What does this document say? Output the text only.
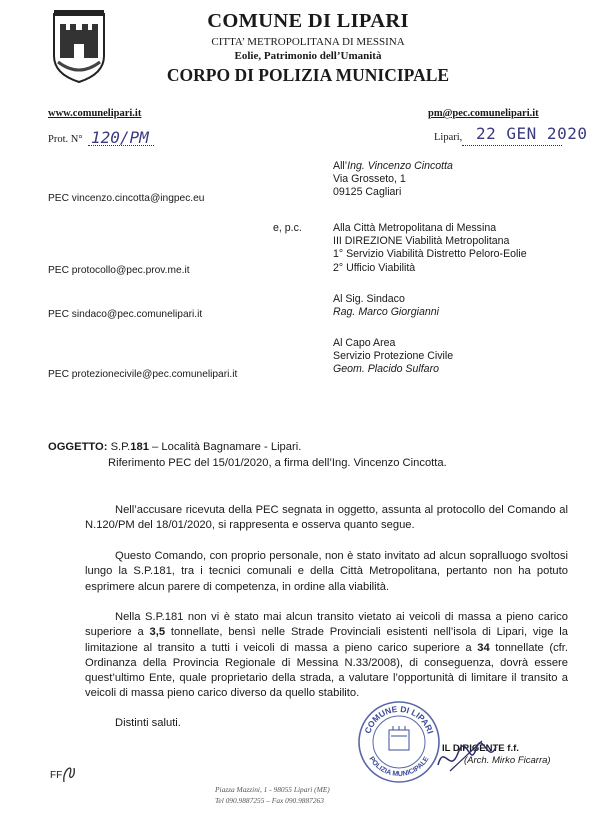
COMUNE DI LIPARI
CITTA’ METROPOLITANA DI MESSINA
Eolie, Patrimonio dell’Umanità
CORPO DI POLIZIA MUNICIPALE
www.comunelipari.it	pm@pec.comunelipari.it
Prot. N° 120/PM	Lipari, 22 GEN 2020
All’Ing. Vincenzo Cincotta
Via Grosseto, 1
09125 Cagliari
PEC vincenzo.cincotta@ingpec.eu
e, p.c.	Alla Città Metropolitana di Messina
III DIREZIONE Viabilità Metropolitana
1° Servizio Viabilità Distretto Peloro-Eolie
2° Ufficio Viabilità
PEC protocollo@pec.prov.me.it
Al Sig. Sindaco
Rag. Marco Giorgianni
PEC sindaco@pec.comunelipari.it
Al Capo Area
Servizio Protezione Civile
Geom. Placido Sulfaro
PEC protezionecivile@pec.comunelipari.it
OGGETTO: S.P.181 – Località Bagnamare - Lipari.
Riferimento PEC del 15/01/2020, a firma dell’Ing. Vincenzo Cincotta.

Nell’accusare ricevuta della PEC segnata in oggetto, assunta al protocollo del Comando al N.120/PM del 18/01/2020, si rappresenta e osserva quanto segue.

Questo Comando, con proprio personale, non è stato invitato ad alcun sopralluogo svoltosi lungo la S.P.181, tra i tecnici comunali e della Città Metropolitana, pertanto non ha potuto esprimere alcun parere di competenza, in ordine alla viabilità.

Nella S.P.181 non vi è stato mai alcun transito vietato ai veicoli di massa a pieno carico superiore a 3,5 tonnellate, bensì nelle Strade Provinciali esistenti nell’isola di Lipari, vige la limitazione al transito a tutti i veicoli di massa a pieno carico superiore a 34 tonnellate (cfr. Ordinanza della Provincia Regionale di Messina N.33/2008), di conseguenza, dovrà essere quest’ultimo Ente, quale proprietario della strada, a valutare l’opportunità di limitare il transito a veicoli di massa pieno carico diverso da quello stabilito.

Distinti saluti.
COMUNE DI LIPARI
POLIZIA MUNICIPALE
IL DIRIGENTE f.f.
(Arch. Mirko Ficarra)
FF
Piazza Mazzini, 1 - 98055 Lipari (ME)
Tel 090.9887255 – Fax 090.9887263
